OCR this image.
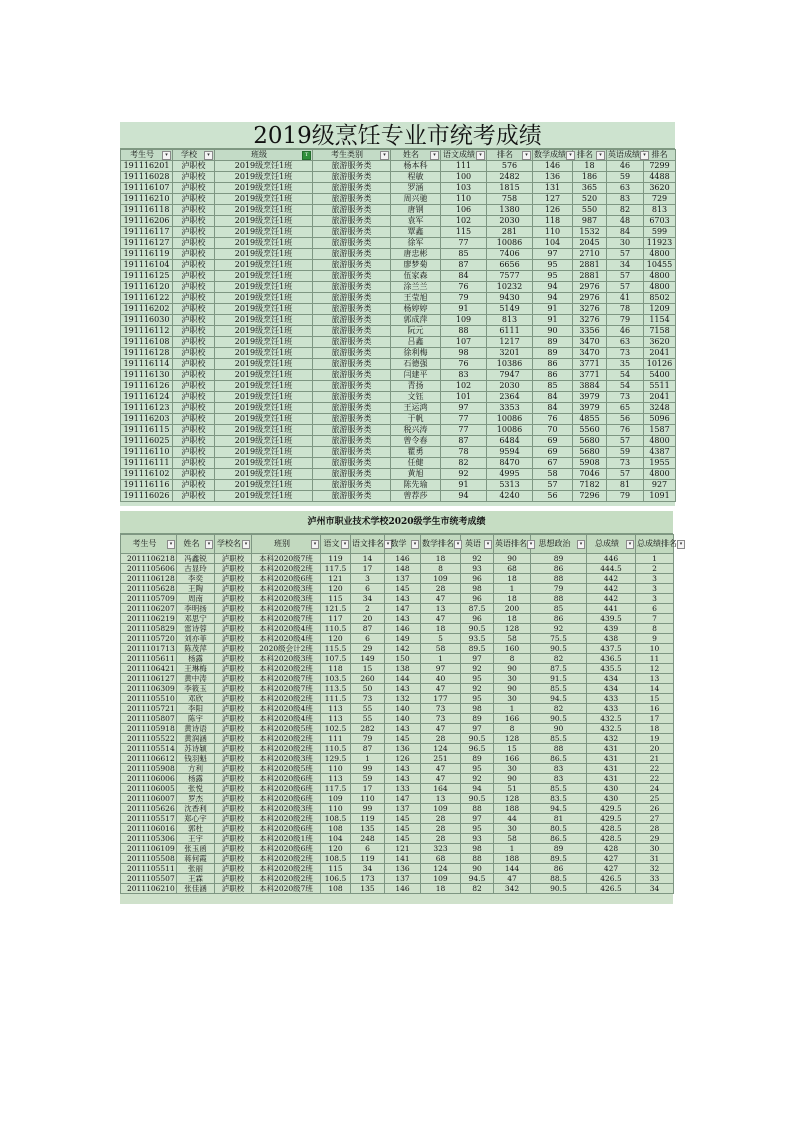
2019级烹饪专业市统考成绩
考生号 ▾	学校 ▾	班级 T	考生类别 ▾	姓名 ▾	语文成绩 ▾	排名 ▾	数学成绩 ▾	排名 ▾	英语成绩 ▾	排名

191116201	泸职校	2019级烹饪1班	旅游服务类	杨本科	111	576	146	18	46	7299
191116028	泸职校	2019级烹饪1班	旅游服务类	程敏	100	2482	136	186	59	4488
191116107	泸职校	2019级烹饪1班	旅游服务类	罗涵	103	1815	131	365	63	3620
191116210	泸职校	2019级烹饪1班	旅游服务类	周兴驰	110	758	127	520	83	729
191116118	泸职校	2019级烹饪1班	旅游服务类	唐钢	106	1380	126	550	82	813
191116206	泸职校	2019级烹饪1班	旅游服务类	袁军	102	2030	118	987	48	6703
191116117	泸职校	2019级烹饪1班	旅游服务类	覃鑫	115	281	110	1532	84	599
191116127	泸职校	2019级烹饪1班	旅游服务类	徐军	77	10086	104	2045	30	11923
191116119	泸职校	2019级烹饪1班	旅游服务类	唐忠彬	85	7406	97	2710	57	4800
191116104	泸职校	2019级烹饪1班	旅游服务类	廖梦菊	87	6656	95	2881	34	10455
191116125	泸职校	2019级烹饪1班	旅游服务类	伍家森	84	7577	95	2881	57	4800
191116120	泸职校	2019级烹饪1班	旅游服务类	涂兰兰	76	10232	94	2976	57	4800
191116122	泸职校	2019级烹饪1班	旅游服务类	王莹旭	79	9430	94	2976	41	8502
191116202	泸职校	2019级烹饪1班	旅游服务类	杨婷婷	91	5149	91	3276	78	1209
191116030	泸职校	2019级烹饪1班	旅游服务类	郭成萍	109	813	91	3276	79	1154
191116112	泸职校	2019级烹饪1班	旅游服务类	阮元	88	6111	90	3356	46	7158
191116108	泸职校	2019级烹饪1班	旅游服务类	吕鑫	107	1217	89	3470	63	3620
191116128	泸职校	2019级烹饪1班	旅游服务类	徐利梅	98	3201	89	3470	73	2041
191116114	泸职校	2019级烹饪1班	旅游服务类	石德强	76	10386	86	3771	35	10126
191116130	泸职校	2019级烹饪1班	旅游服务类	闫建平	83	7947	86	3771	54	5400
191116126	泸职校	2019级烹饪1班	旅游服务类	青扬	102	2030	85	3884	54	5511
191116124	泸职校	2019级烹饪1班	旅游服务类	文钰	101	2364	84	3979	73	2041
191116123	泸职校	2019级烹饪1班	旅游服务类	王运鸿	97	3353	84	3979	65	3248
191116203	泸职校	2019级烹饪1班	旅游服务类	于帆	77	10086	76	4855	56	5096
191116115	泸职校	2019级烹饪1班	旅游服务类	税兴涛	77	10086	70	5560	76	1587
191116025	泸职校	2019级烹饪1班	旅游服务类	曾令春	87	6484	69	5680	57	4800
191116110	泸职校	2019级烹饪1班	旅游服务类	瞿勇	78	9594	69	5680	59	4387
191116111	泸职校	2019级烹饪1班	旅游服务类	任健	82	8470	67	5908	73	1955
191116102	泸职校	2019级烹饪1班	旅游服务类	黄旭	92	4995	58	7046	57	4800
191116116	泸职校	2019级烹饪1班	旅游服务类	陈先瑜	91	5313	57	7182	81	927
191116026	泸职校	2019级烹饪1班	旅游服务类	曾荐莎	94	4240	56	7296	79	1091
泸州市职业技术学校2020级学生市统考成绩
考生号 ▾	姓名 ▾	学校名 ▾	班别 ▾	语文 ▾	语文排名 ▾	数学 ▾	数学排名 ▾	英语 ▾	英语排名 ▾	思想政治 ▾	总成绩 ▾	总成绩排名 ▾

2011106218	冯鑫锐	泸职校	本科2020级7班	119	14	146	18	92	90	89	446	1
2011105606	古显玲	泸职校	本科2020级2班	117.5	17	148	8	93	68	86	444.5	2
2011106128	李奕	泸职校	本科2020级6班	121	3	137	109	96	18	88	442	3
2011105628	王陶	泸职校	本科2020级3班	120	6	145	28	98	1	79	442	3
2011105709	周南	泸职校	本科2020级3班	115	34	143	47	96	18	88	442	3
2011106207	李明扬	泸职校	本科2020级7班	121.5	2	147	13	87.5	200	85	441	6
2011106219	邓思宁	泸职校	本科2020级7班	117	20	143	47	96	18	86	439.5	7
2011105829	雷诗蓉	泸职校	本科2020级4班	110.5	87	146	18	90.5	128	92	439	8
2011105720	刘亦菲	泸职校	本科2020级4班	120	6	149	5	93.5	58	75.5	438	9
2011101713	陈茂萍	泸职校	2020级会计2班	115.5	29	142	58	89.5	160	90.5	437.5	10
2011105611	杨露	泸职校	本科2020级3班	107.5	149	150	1	97	8	82	436.5	11
2011106421	王琳梅	泸职校	本科2020级2班	118	15	138	97	92	90	87.5	435.5	12
2011106127	黄中涛	泸职校	本科2020级7班	103.5	260	144	40	95	30	91.5	434	13
2011106309	李筱玉	泸职校	本科2020级7班	113.5	50	143	47	92	90	85.5	434	14
2011105510	邓欣	泸职校	本科2020级2班	111.5	73	132	177	95	30	94.5	433	15
2011105721	李阳	泸职校	本科2020级4班	113	55	140	73	98	1	82	433	16
2011105807	陈宇	泸职校	本科2020级4班	113	55	140	73	89	166	90.5	432.5	17
2011105918	黄诗语	泸职校	本科2020级5班	102.5	282	143	47	97	8	90	432.5	18
2011105522	黄润涵	泸职校	本科2020级2班	111	79	145	28	90.5	128	85.5	432	19
2011105514	苏诗颖	泸职校	本科2020级2班	110.5	87	136	124	96.5	15	88	431	20
2011106612	钱羽魁	泸职校	本科2020级3班	129.5	1	126	251	89	166	86.5	431	21
2011105908	方利	泸职校	本科2020级5班	110	99	143	47	95	30	83	431	22
2011106006	杨露	泸职校	本科2020级6班	113	59	143	47	92	90	83	431	22
2011106005	张悦	泸职校	本科2020级6班	117.5	17	133	164	94	51	85.5	430	24
2011106007	罗杰	泸职校	本科2020级6班	109	110	147	13	90.5	128	83.5	430	25
2011105626	沈香利	泸职校	本科2020级3班	110	99	137	109	88	188	94.5	429.5	26
2011105517	郑心宇	泸职校	本科2020级2班	108.5	119	145	28	97	44	81	429.5	27
2011106016	郭杜	泸职校	本科2020级6班	108	135	145	28	95	30	80.5	428.5	28
2011105306	王宇	泸职校	本科2020级1班	104	248	145	28	93	58	86.5	428.5	29
2011106109	张玉函	泸职校	本科2020级6班	120	6	121	323	98	1	89	428	30
2011105508	蒋何霞	泸职校	本科2020级2班	108.5	119	141	68	88	188	89.5	427	31
2011105511	张丽	泸职校	本科2020级2班	115	34	136	124	90	144	86	427	32
2011105507	王霖	泸职校	本科2020级2班	106.5	173	137	109	94.5	47	88.5	426.5	33
2011106210	张佳涵	泸职校	本科2020级7班	108	135	146	18	82	342	90.5	426.5	34
